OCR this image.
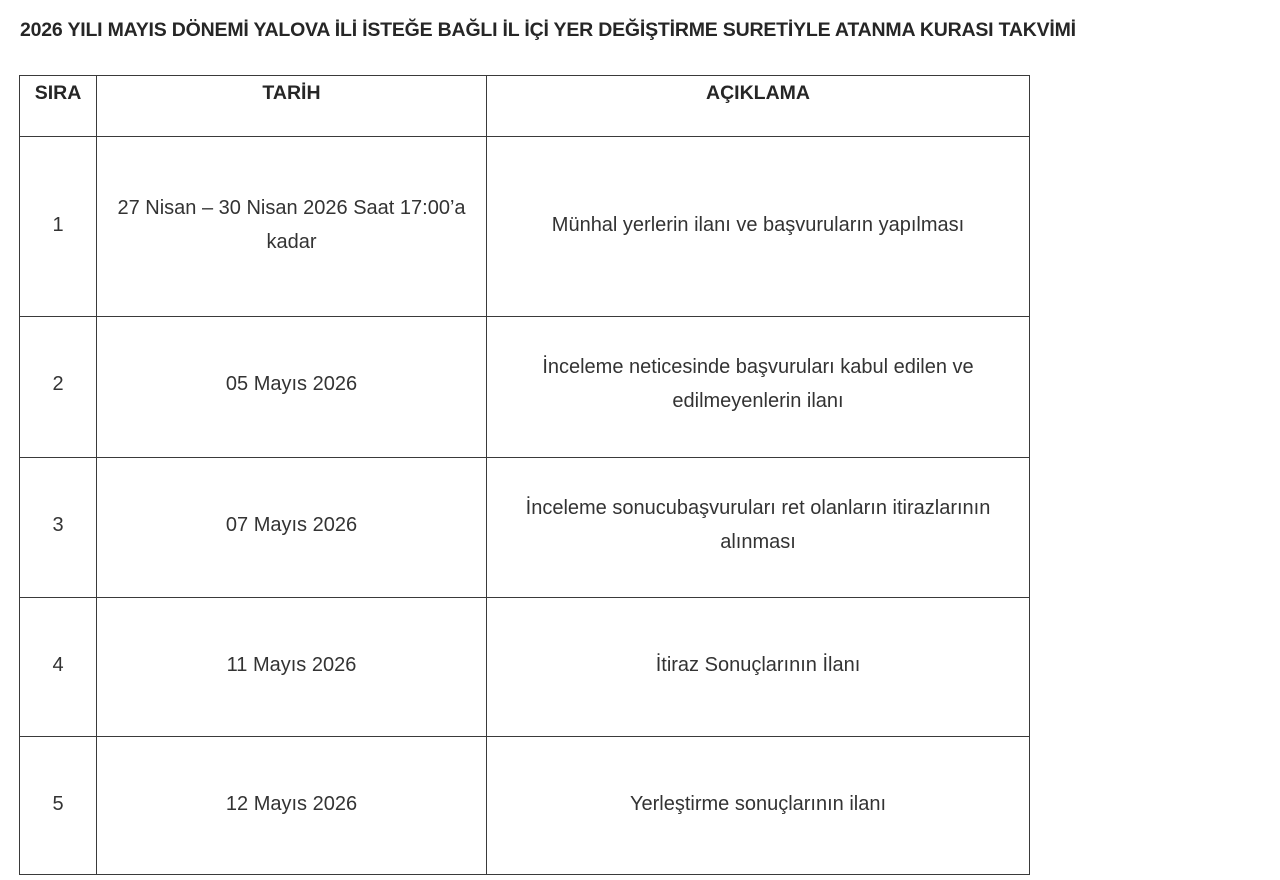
2026 YILI MAYIS DÖNEMİ YALOVA İLİ İSTEĞE BAĞLI İL İÇİ YER DEĞİŞTİRME SURETİYLE ATANMA KURASI TAKVİMİ
SIRA	TARİH	AÇIKLAMA
1	27 Nisan – 30 Nisan 2026 Saat 17:00’a kadar	Münhal yerlerin ilanı ve başvuruların yapılması
2	05 Mayıs 2026	İnceleme neticesinde başvuruları kabul edilen ve edilmeyenlerin ilanı
3	07 Mayıs 2026	İnceleme sonucubaşvuruları ret olanların itirazlarının alınması
4	11 Mayıs 2026	İtiraz Sonuçlarının İlanı
5	12 Mayıs 2026	Yerleştirme sonuçlarının ilanı
